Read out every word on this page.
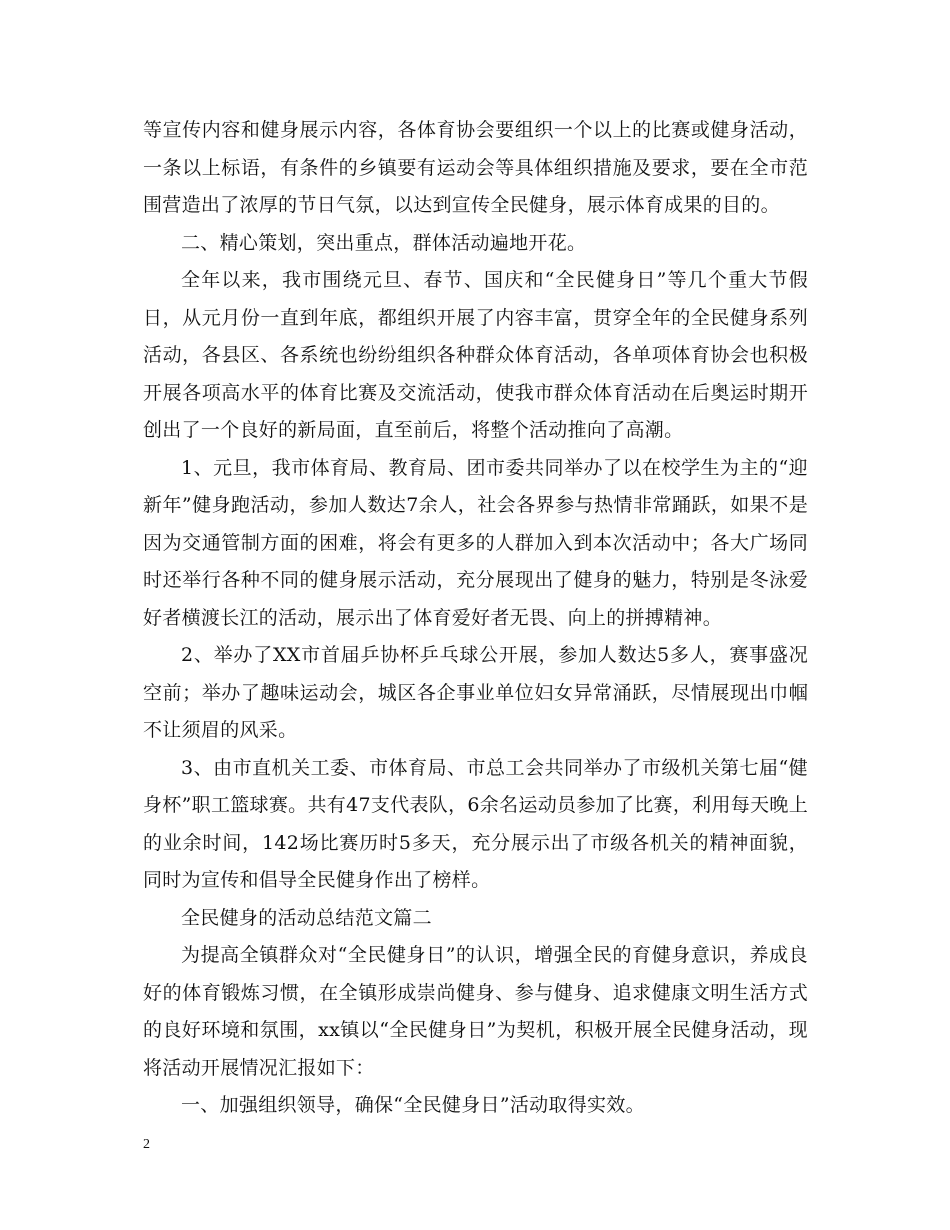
等宣传内容和健身展示内容，各体育协会要组织一个以上的比赛或健身活动，一条以上标语，有条件的乡镇要有运动会等具体组织措施及要求，要在全市范围营造出了浓厚的节日气氛，以达到宣传全民健身，展示体育成果的目的。

二、精心策划，突出重点，群体活动遍地开花。

全年以来，我市围绕元旦、春节、国庆和“全民健身日”等几个重大节假日，从元月份一直到年底，都组织开展了内容丰富，贯穿全年的全民健身系列活动，各县区、各系统也纷纷组织各种群众体育活动，各单项体育协会也积极开展各项高水平的体育比赛及交流活动，使我市群众体育活动在后奥运时期开创出了一个良好的新局面，直至前后，将整个活动推向了高潮。

1、元旦，我市体育局、教育局、团市委共同举办了以在校学生为主的“迎新年”健身跑活动，参加人数达7余人，社会各界参与热情非常踊跃，如果不是因为交通管制方面的困难，将会有更多的人群加入到本次活动中；各大广场同时还举行各种不同的健身展示活动，充分展现出了健身的魅力，特别是冬泳爱好者横渡长江的活动，展示出了体育爱好者无畏、向上的拼搏精神。

2、举办了XX市首届乒协杯乒乓球公开展，参加人数达5多人，赛事盛况空前；举办了趣味运动会，城区各企事业单位妇女异常涌跃，尽情展现出巾帼不让须眉的风采。

3、由市直机关工委、市体育局、市总工会共同举办了市级机关第七届“健身杯”职工篮球赛。共有47支代表队，6余名运动员参加了比赛，利用每天晚上的业余时间，142场比赛历时5多天，充分展示出了市级各机关的精神面貌，同时为宣传和倡导全民健身作出了榜样。

全民健身的活动总结范文篇二

为提高全镇群众对“全民健身日”的认识，增强全民的育健身意识，养成良好的体育锻炼习惯，在全镇形成崇尚健身、参与健身、追求健康文明生活方式的良好环境和氛围，xx镇以“全民健身日”为契机，积极开展全民健身活动，现将活动开展情况汇报如下：

一、加强组织领导，确保“全民健身日”活动取得实效。

2
